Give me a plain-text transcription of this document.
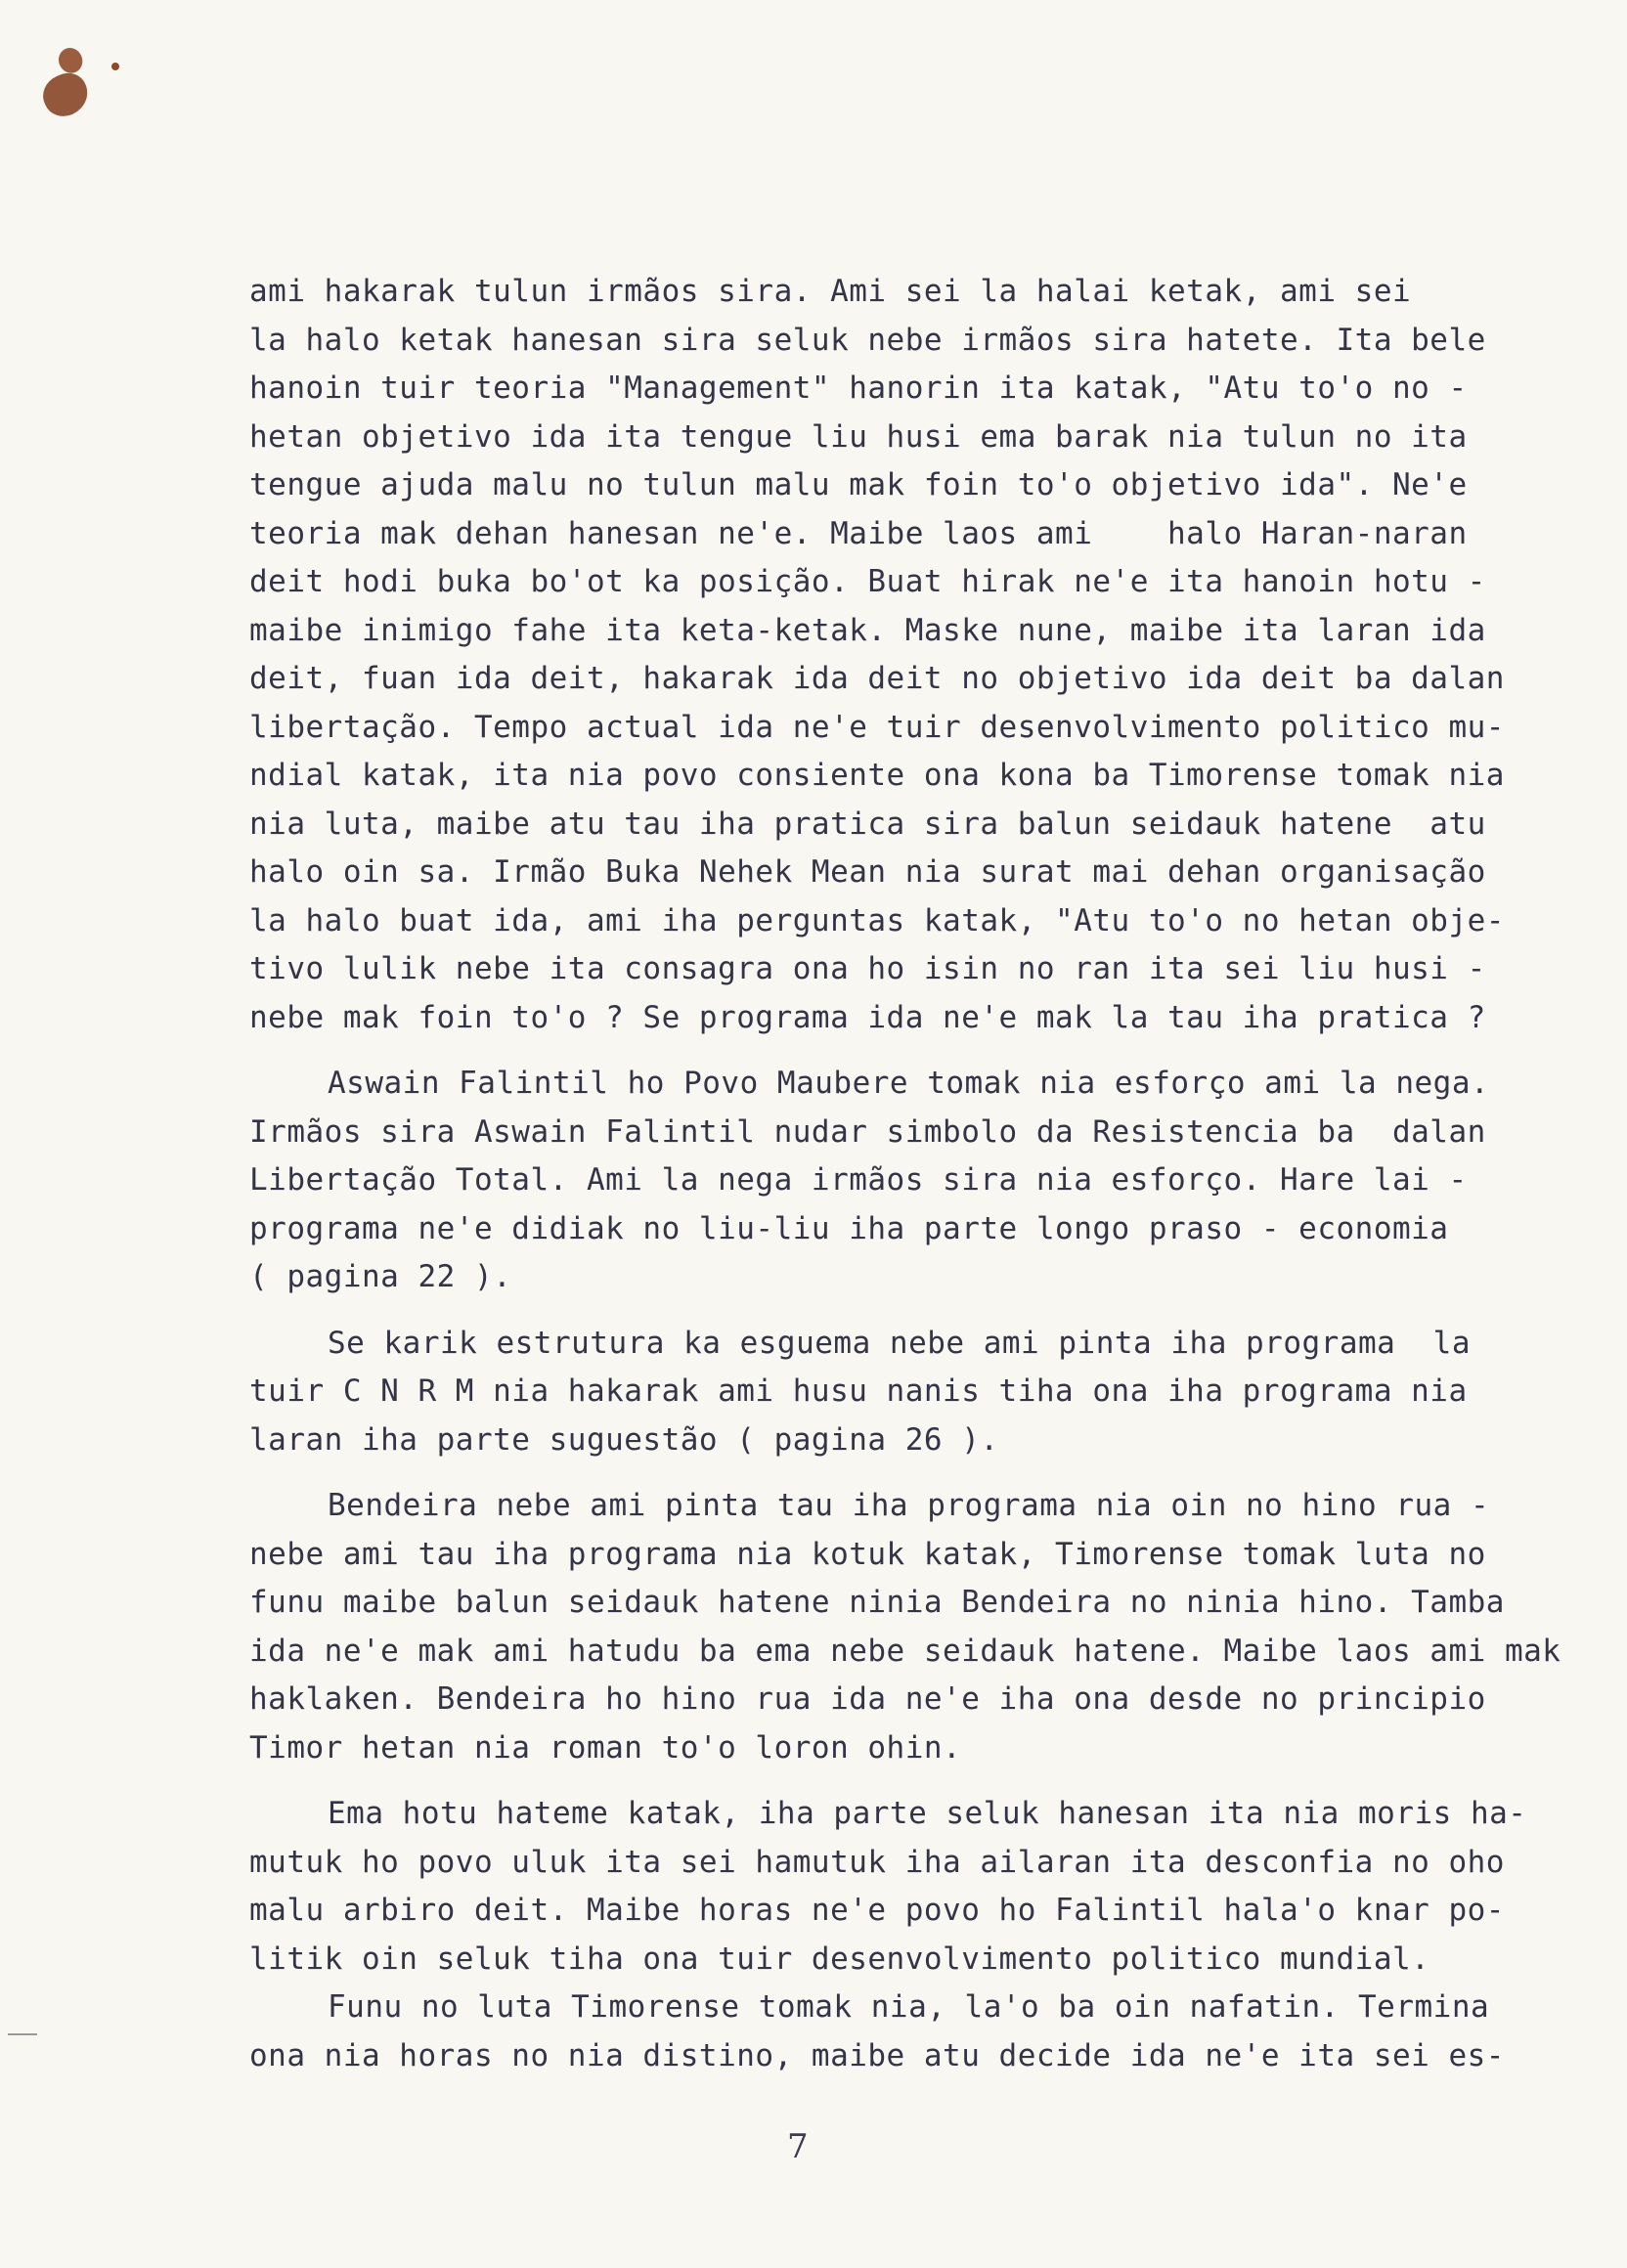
ami hakarak tulun irmãos sira. Ami sei la halai ketak, ami sei
la halo ketak hanesan sira seluk nebe irmãos sira hatete. Ita bele
hanoin tuir teoria "Management" hanorin ita katak, "Atu to'o no -
hetan objetivo ida ita tengue liu husi ema barak nia tulun no ita
tengue ajuda malu no tulun malu mak foin to'o objetivo ida". Ne'e
teoria mak dehan hanesan ne'e. Maibe laos ami    halo Haran-naran
deit hodi buka bo'ot ka posição. Buat hirak ne'e ita hanoin hotu -
maibe inimigo fahe ita keta-ketak. Maske nune, maibe ita laran ida
deit, fuan ida deit, hakarak ida deit no objetivo ida deit ba dalan
libertação. Tempo actual ida ne'e tuir desenvolvimento politico mu-
ndial katak, ita nia povo consiente ona kona ba Timorense tomak nia
nia luta, maibe atu tau iha pratica sira balun seidauk hatene  atu
halo oin sa. Irmão Buka Nehek Mean nia surat mai dehan organisação
la halo buat ida, ami iha perguntas katak, "Atu to'o no hetan obje-
tivo lulik nebe ita consagra ona ho isin no ran ita sei liu husi -
nebe mak foin to'o ? Se programa ida ne'e mak la tau iha pratica ?
Aswain Falintil ho Povo Maubere tomak nia esforço ami la nega.
Irmãos sira Aswain Falintil nudar simbolo da Resistencia ba  dalan
Libertação Total. Ami la nega irmãos sira nia esforço. Hare lai -
programa ne'e didiak no liu-liu iha parte longo praso - economia
( pagina 22 ).
Se karik estrutura ka esguema nebe ami pinta iha programa  la
tuir C N R M nia hakarak ami husu nanis tiha ona iha programa nia
laran iha parte suguestão ( pagina 26 ).
Bendeira nebe ami pinta tau iha programa nia oin no hino rua -
nebe ami tau iha programa nia kotuk katak, Timorense tomak luta no
funu maibe balun seidauk hatene ninia Bendeira no ninia hino. Tamba
ida ne'e mak ami hatudu ba ema nebe seidauk hatene. Maibe laos ami mak
haklaken. Bendeira ho hino rua ida ne'e iha ona desde no principio
Timor hetan nia roman to'o loron ohin.
Ema hotu hateme katak, iha parte seluk hanesan ita nia moris ha-
mutuk ho povo uluk ita sei hamutuk iha ailaran ita desconfia no oho
malu arbiro deit. Maibe horas ne'e povo ho Falintil hala'o knar po-
litik oin seluk tiha ona tuir desenvolvimento politico mundial.
Funu no luta Timorense tomak nia, la'o ba oin nafatin. Termina
ona nia horas no nia distino, maibe atu decide ida ne'e ita sei es-
7
